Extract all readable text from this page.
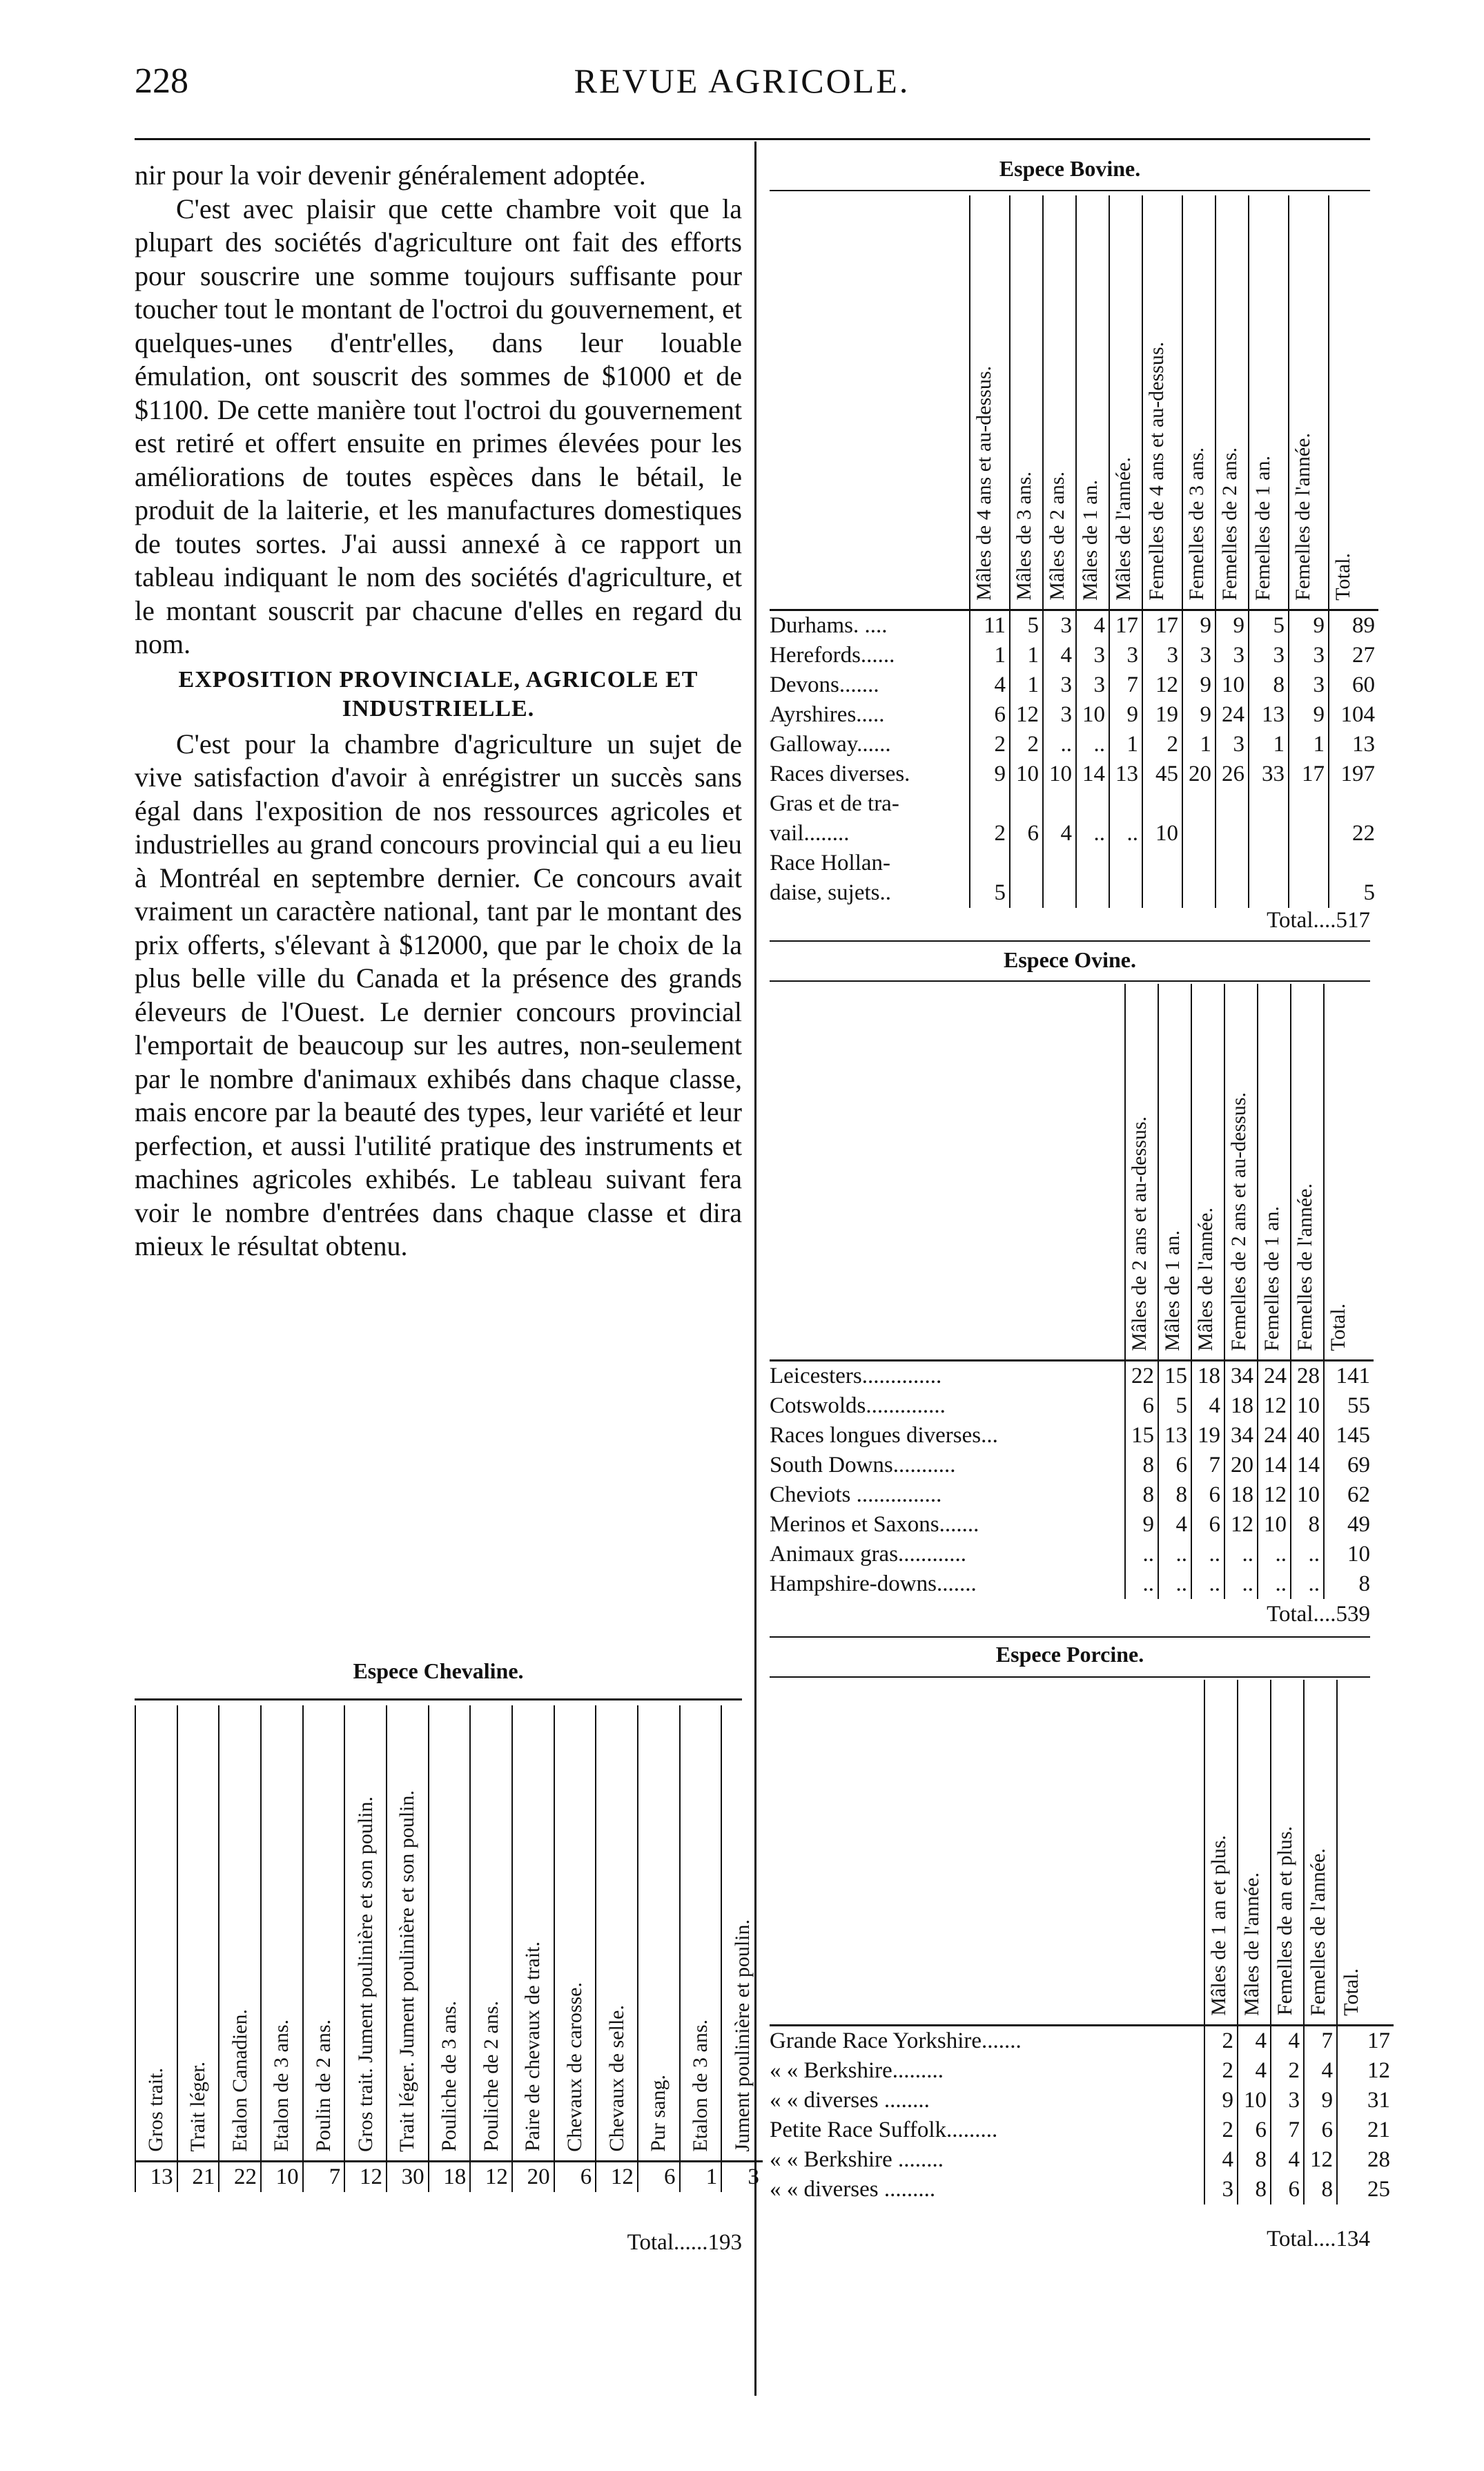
228	REVUE AGRICOLE.

nir pour la voir devenir généralement adoptée.

C'est avec plaisir que cette chambre voit que la plupart des sociétés d'agriculture ont fait des efforts pour souscrire une somme toujours suffisante pour toucher tout le montant de l'octroi du gouvernement, et quelques-unes d'entr'elles, dans leur louable émulation, ont souscrit des sommes de $1000 et de $1100. De cette manière tout l'octroi du gouvernement est retiré et offert ensuite en primes élevées pour les améliorations de toutes espèces dans le bétail, le produit de la laiterie, et les manufactures domestiques de toutes sortes. J'ai aussi annexé à ce rapport un tableau indiquant le nom des sociétés d'agriculture, et le montant souscrit par chacune d'elles en regard du nom.

EXPOSITION PROVINCIALE, AGRICOLE ET INDUSTRIELLE.

C'est pour la chambre d'agriculture un sujet de vive satisfaction d'avoir à enrégistrer un succès sans égal dans l'exposition de nos ressources agricoles et industrielles au grand concours provincial qui a eu lieu à Montréal en septembre dernier. Ce concours avait vraiment un caractère national, tant par le montant des prix offerts, s'élevant à $12000, que par le choix de la plus belle ville du Canada et la présence des grands éleveurs de l'Ouest. Le dernier concours provincial l'emportait de beaucoup sur les autres, non-seulement par le nombre d'animaux exhibés dans chaque classe, mais encore par la beauté des types, leur variété et leur perfection, et aussi l'utilité pratique des instruments et machines agricoles exhibés. Le tableau suivant fera voir le nombre d'entrées dans chaque classe et dira mieux le résultat obtenu.

Espece Chevaline.
Gros trait.	Trait léger.	Etalon Canadien.	Etalon de 3 ans.	Poulin de 2 ans.	Gros trait. Jument poulinière et son poulin.	Trait léger. Jument poulinière et son poulin.	Pouliche de 3 ans.	Pouliche de 2 ans.	Paire de chevaux de trait.	Chevaux de carosse.	Chevaux de selle.	Pur sang.	Etalon de 3 ans.	Jument poulinière et poulin.
13	21	22	10	7	12	30	18	12	20	6	12	6	1	3
Total......193
Espece Bovine.
	Mâles de 4 ans et au-dessus.	Mâles de 3 ans.	Mâles de 2 ans.	Mâles de 1 an.	Mâles de l'année.	Femelles de 4 ans et au-dessus.	Femelles de 3 ans.	Femelles de 2 ans.	Femelles de 1 an.	Femelles de l'année.	Total.
Durhams. ....	11	5	3	4	17	17	9	9	5	9	89
Herefords......	1	1	4	3	3	3	3	3	3	3	27
Devons.......	4	1	3	3	7	12	9	10	8	3	60
Ayrshires.....	6	12	3	10	9	19	9	24	13	9	104
Galloway......	2	2	..	..	1	2	1	3	1	1	13
Races diverses.	9	10	10	14	13	45	20	26	33	17	197
Gras et de tra-											
vail........	2	6	4	..	..	10					22
Race Hollan-											
daise, sujets..	5										5
Total....517
Espece Ovine.
	Mâles de 2 ans et au-dessus.	Mâles de 1 an.	Mâles de l'année.	Femelles de 2 ans et au-dessus.	Femelles de 1 an.	Femelles de l'année.	Total.
Leicesters..............	22	15	18	34	24	28	141
Cotswolds..............	6	5	4	18	12	10	55
Races longues diverses...	15	13	19	34	24	40	145
South Downs...........	8	6	7	20	14	14	69
Cheviots ...............	8	8	6	18	12	10	62
Merinos et Saxons.......	9	4	6	12	10	8	49
Animaux gras............	..	..	..	..	..	..	10
Hampshire-downs.......	..	..	..	..	..	..	8
Total....539
Espece Porcine.
	Mâles de 1 an et plus.	Mâles de l'année.	Femelles de an et plus.	Femelles de l'année.	Total.
Grande Race Yorkshire.......	2	4	4	7	17
« « Berkshire.........	2	4	2	4	12
« « diverses ........	9	10	3	9	31
Petite Race Suffolk.........	2	6	7	6	21
« « Berkshire ........	4	8	4	12	28
« « diverses .........	3	8	6	8	25
Total....134
